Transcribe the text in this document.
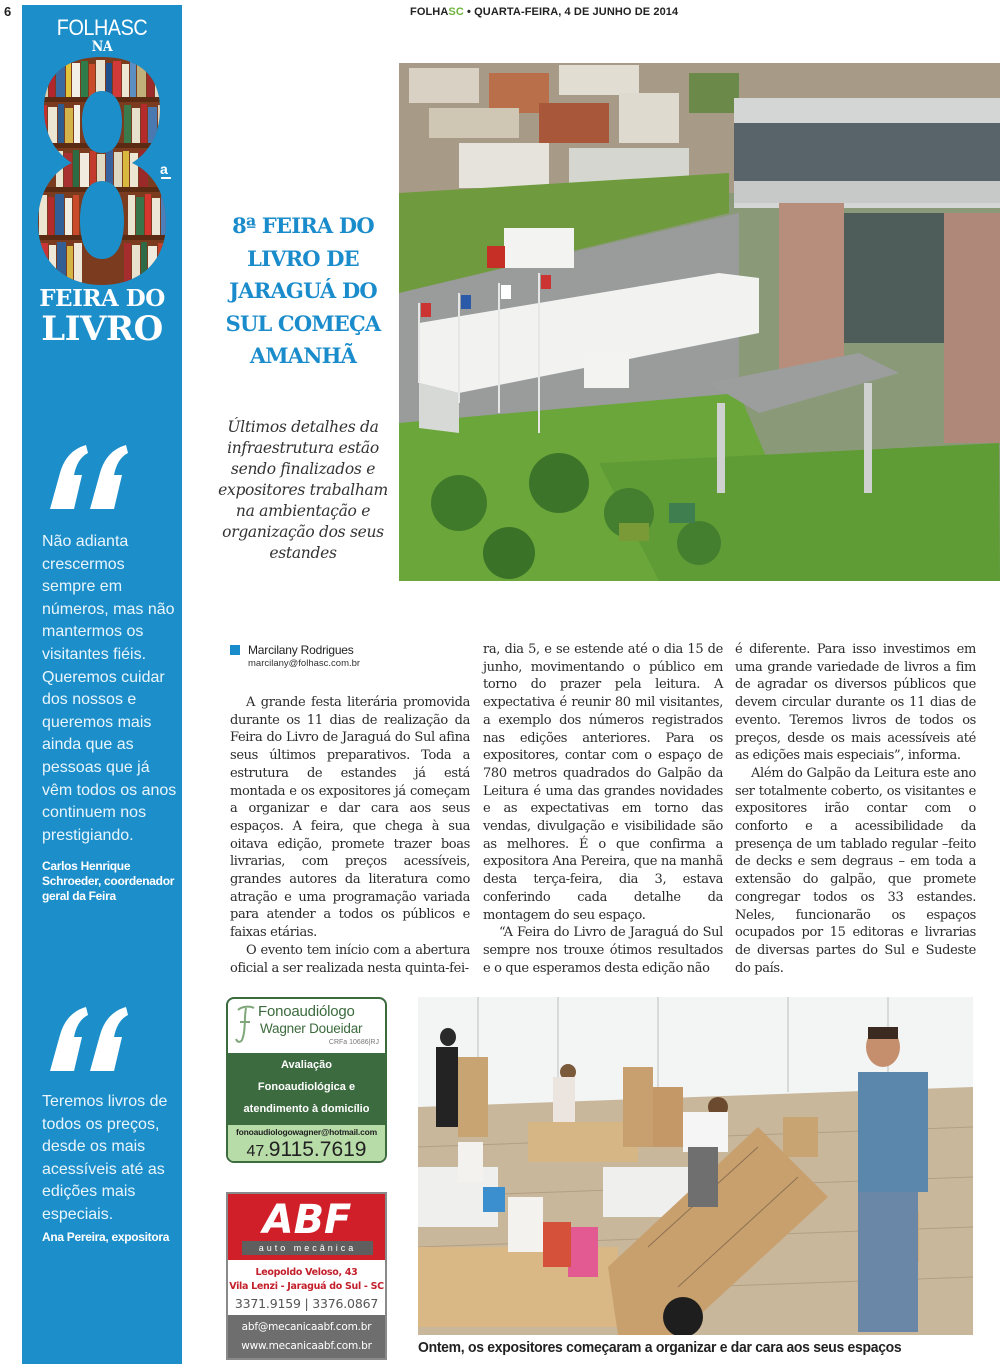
6	FOLHASC • QUARTA-FEIRA, 4 DE JUNHO DE 2014
FOLHASC
NA
a
FEIRA DO
LIVRO
Não adianta crescermos sempre em números, mas não mantermos os visitantes fiéis. Queremos cuidar dos nossos e queremos mais ainda que as pessoas que já vêm todos os anos continuem nos prestigiando.
Carlos Henrique Schroeder, coordenador geral da Feira
Teremos livros de todos os preços, desde os mais acessíveis até as edições mais especiais.
Ana Pereira, expositora
8ª FEIRA DO LIVRO DE JARAGUÁ DO SUL COMEÇA AMANHÃ
Últimos detalhes da infraestrutura estão sendo finalizados e expositores trabalham na ambientação e organização dos seus estandes
Marcilany Rodrigues
marcilany@folhasc.com.br

A grande festa literária promovida durante os 11 dias de realização da Feira do Livro de Jaraguá do Sul afina seus últimos preparativos. Toda a estrutura de estandes já está montada e os expositores já começam a organizar e dar cara aos seus espaços. A feira, que chega à sua oitava edição, promete trazer boas livrarias, com preços acessíveis, grandes autores da literatura como atração e uma programação variada para atender a todos os públicos e faixas etárias.

O evento tem início com a abertura oficial a ser realizada nesta quinta-fei-

ra, dia 5, e se estende até o dia 15 de junho, movimentando o público em torno do prazer pela leitura. A expectativa é reunir 80 mil visitantes, a exemplo dos números registrados nas edições anteriores. Para os expositores, contar com o espaço de 780 metros quadrados do Galpão da Leitura é uma das grandes novidades e as expectativas em torno das vendas, divulgação e visibilidade são as melhores. É o que confirma a expositora Ana Pereira, que na manhã desta terça-feira, dia 3, estava conferindo cada detalhe da montagem do seu espaço.

“A Feira do Livro de Jaraguá do Sul sempre nos trouxe ótimos resultados e o que esperamos desta edição não

é diferente. Para isso investimos em uma grande variedade de livros a fim de agradar os diversos públicos que devem circular durante os 11 dias de evento. Teremos livros de todos os preços, desde os mais acessíveis até as edições mais especiais”, informa.

Além do Galpão da Leitura este ano ser totalmente coberto, os visitantes e expositores irão contar com o conforto e a acessibilidade da presença de um tablado regular –feito de decks e sem degraus – em toda a extensão do galpão, que promete congregar todos os 33 estandes. Neles, funcionarão os espaços ocupados por 15 editoras e livrarias de diversas partes do Sul e Sudeste do país.

Fonoaudiólogo
Wagner Doueidar
CRFa 10686|RJ
Avaliação
Fonoaudiológica e
atendimento à domicílio
fonoaudiologowagner@hotmail.com
47.9115.7619
ABF
auto mecânica
Leopoldo Veloso, 43
Vila Lenzi - Jaraguá do Sul - SC
3371.9159 | 3376.0867
abf@mecanicaabf.com.br
www.mecanicaabf.com.br	Ontem, os expositores começaram a organizar e dar cara aos seus espaços
